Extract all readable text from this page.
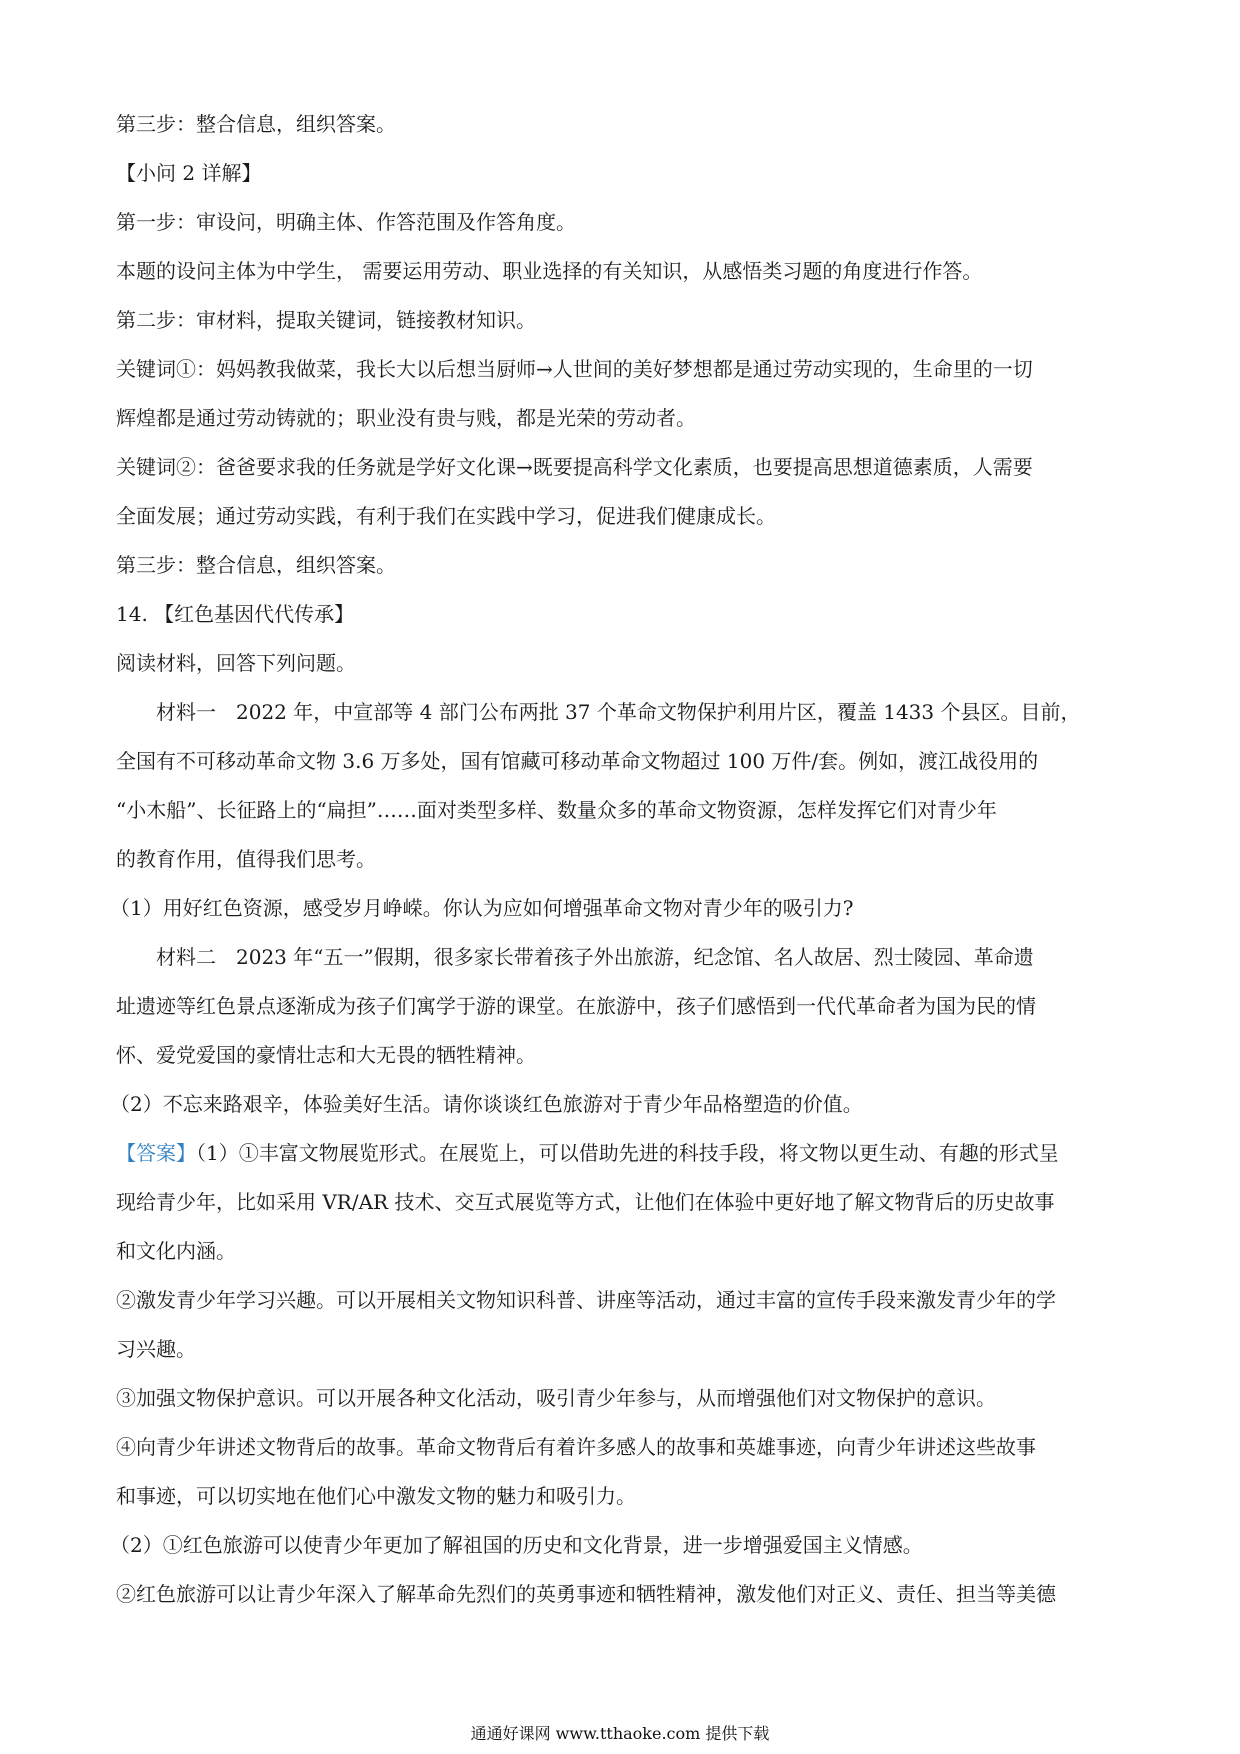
第三步：整合信息，组织答案。
【小问 2 详解】
第一步：审设问，明确主体、作答范围及作答角度。
本题的设问主体为中学生， 需要运用劳动、职业选择的有关知识，从感悟类习题的角度进行作答。
第二步：审材料，提取关键词，链接教材知识。
关键词①：妈妈教我做菜，我长大以后想当厨师→人世间的美好梦想都是通过劳动实现的，生命里的一切
辉煌都是通过劳动铸就的；职业没有贵与贱，都是光荣的劳动者。
关键词②：爸爸要求我的任务就是学好文化课→既要提高科学文化素质，也要提高思想道德素质，人需要
全面发展；通过劳动实践，有利于我们在实践中学习，促进我们健康成长。
第三步：整合信息，组织答案。
14. 【红色基因代代传承】
阅读材料，回答下列问题。
材料一　2022 年，中宣部等 4 部门公布两批 37 个革命文物保护利用片区，覆盖 1433 个县区。目前，
全国有不可移动革命文物 3.6 万多处，国有馆藏可移动革命文物超过 100 万件/套。例如，渡江战役用的
“小木船”、长征路上的“扁担”……面对类型多样、数量众多的革命文物资源，怎样发挥它们对青少年
的教育作用，值得我们思考。
（1）用好红色资源，感受岁月峥嵘。你认为应如何增强革命文物对青少年的吸引力?
材料二　2023 年“五一”假期，很多家长带着孩子外出旅游，纪念馆、名人故居、烈士陵园、革命遗
址遗迹等红色景点逐渐成为孩子们寓学于游的课堂。在旅游中，孩子们感悟到一代代革命者为国为民的情
怀、爱党爱国的豪情壮志和大无畏的牺牲精神。
（2）不忘来路艰辛，体验美好生活。请你谈谈红色旅游对于青少年品格塑造的价值。
【答案】（1）①丰富文物展览形式。在展览上，可以借助先进的科技手段，将文物以更生动、有趣的形式呈
现给青少年，比如采用 VR/AR 技术、交互式展览等方式，让他们在体验中更好地了解文物背后的历史故事
和文化内涵。
②激发青少年学习兴趣。可以开展相关文物知识科普、讲座等活动，通过丰富的宣传手段来激发青少年的学
习兴趣。
③加强文物保护意识。可以开展各种文化活动，吸引青少年参与，从而增强他们对文物保护的意识。
④向青少年讲述文物背后的故事。革命文物背后有着许多感人的故事和英雄事迹，向青少年讲述这些故事
和事迹，可以切实地在他们心中激发文物的魅力和吸引力。
（2）①红色旅游可以使青少年更加了解祖国的历史和文化背景，进一步增强爱国主义情感。
②红色旅游可以让青少年深入了解革命先烈们的英勇事迹和牺牲精神，激发他们对正义、责任、担当等美德
通通好课网 www.tthaoke.com 提供下载
